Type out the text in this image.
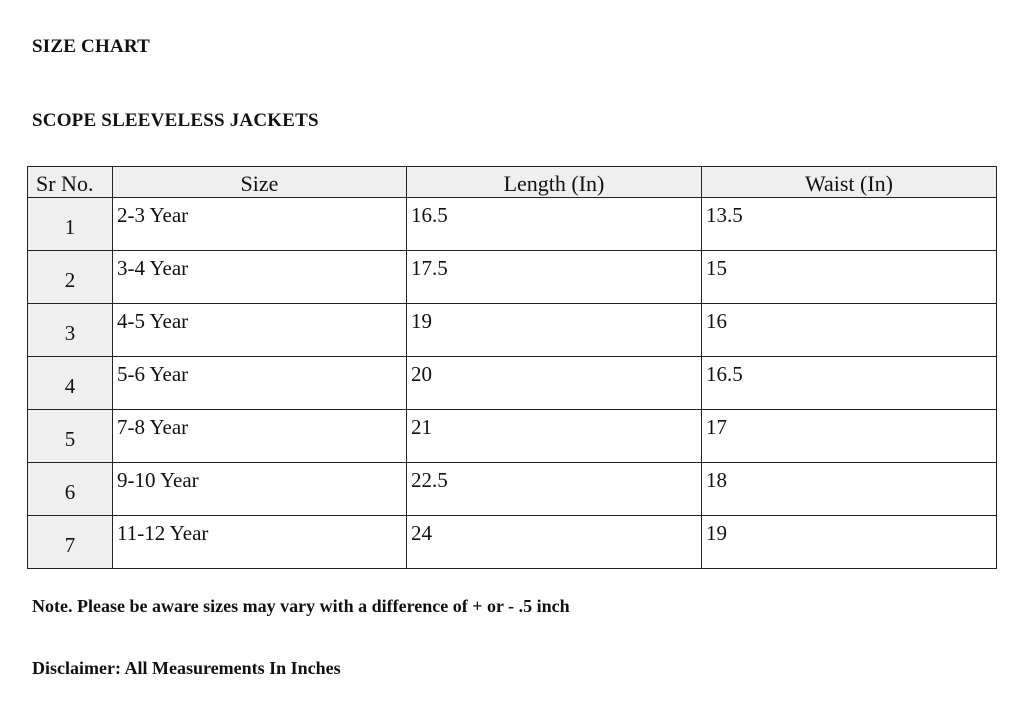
SIZE CHART
SCOPE SLEEVELESS JACKETS
Sr No.	Size	Length (In)	Waist (In)
1	2-3 Year	16.5	13.5
2	3-4 Year	17.5	15
3	4-5 Year	19	16
4	5-6 Year	20	16.5
5	7-8 Year	21	17
6	9-10 Year	22.5	18
7	11-12 Year	24	19
Note. Please be aware sizes may vary with a difference of + or - .5 inch
Disclaimer: All Measurements In Inches
